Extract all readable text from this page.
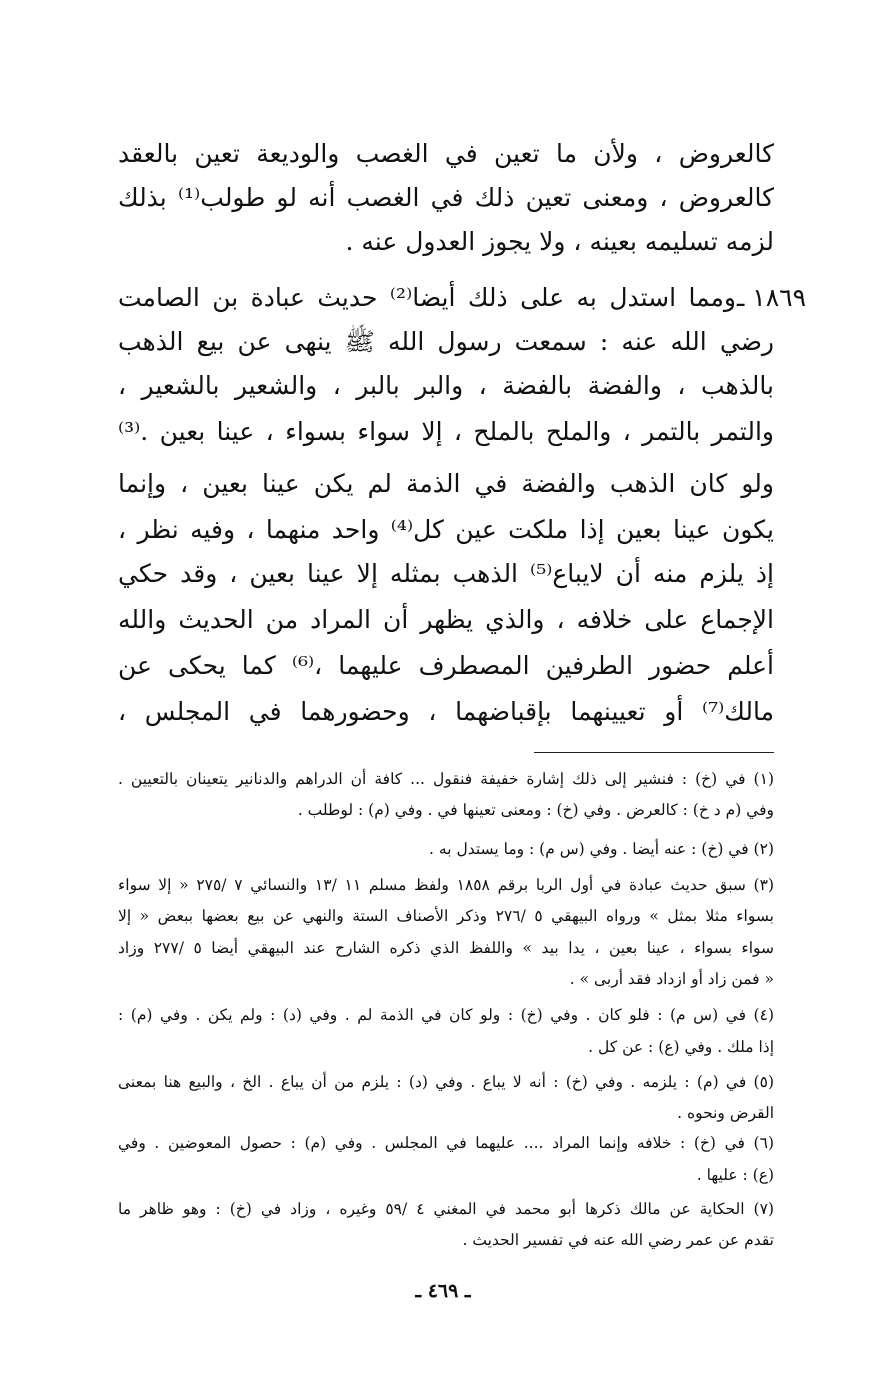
كالعروض ، ولأن ما تعين في الغصب والوديعة تعين بالعقد
كالعروض ، ومعنى تعين ذلك في الغصب أنه لو طولب⁽¹⁾ بذلك
لزمه تسليمه بعينه ، ولا يجوز العدول عنه .
١٨٦٩ ـ
ومما استدل به على ذلك أيضا⁽²⁾ حديث عبادة بن الصامت
رضي الله عنه : سمعت رسول الله ﷺ ينهى عن بيع الذهب
بالذهب ، والفضة بالفضة ، والبر بالبر ، والشعير بالشعير ،
والتمر بالتمر ، والملح بالملح ، إلا سواء بسواء ، عينا بعين .⁽³⁾
ولو كان الذهب والفضة في الذمة لم يكن عينا بعين ، وإنما
يكون عينا بعين إذا ملكت عين كل⁽⁴⁾ واحد منهما ، وفيه نظر ،
إذ يلزم منه أن لايباع⁽⁵⁾ الذهب بمثله إلا عينا بعين ، وقد حكي
الإجماع على خلافه ، والذي يظهر أن المراد من الحديث والله
أعلم حضور الطرفين المصطرف عليهما ،⁽⁶⁾ كما يحكى عن
مالك⁽⁷⁾ أو تعيينهما بإقباضهما ، وحضورهما في المجلس ،
(١) في (خ) : فنشير إلى ذلك إشارة خفيفة فنقول ... كافة أن الدراهم والدنانير يتعينان بالتعيين .
وفي (م د خ) : كالعرض . وفي (خ) : ومعنى تعينها في . وفي (م) : لوطلب .
(٢) في (خ) : عنه أيضا . وفي (س م) : وما يستدل به .
(٣) سبق حديث عبادة في أول الربا برقم ١٨٥٨ ولفظ مسلم ١١ /١٣ والنسائي ٧ /٢٧٥ « إلا سواء
بسواء مثلا بمثل » ورواه البيهقي ٥ /٢٧٦ وذكر الأصناف الستة والنهي عن بيع بعضها ببعض « إلا
سواء بسواء ، عينا بعين ، يدا بيد » واللفظ الذي ذكره الشارح عند البيهقي أيضا ٥ /٢٧٧ وزاد
« فمن زاد أو ازداد فقد أربى » .
(٤) في (س م) : فلو كان . وفي (خ) : ولو كان في الذمة لم . وفي (د) : ولم يكن . وفي (م) :
إذا ملك . وفي (ع) : عن كل .
(٥) في (م) : يلزمه . وفي (خ) : أنه لا يباع . وفي (د) : يلزم من أن يباع . الخ ، والبيع هنا بمعنى
القرض ونحوه .
(٦) في (خ) : خلافه وإنما المراد .... عليهما في المجلس . وفي (م) : حصول المعوضين . وفي
(ع) : عليها .
(٧) الحكاية عن مالك ذكرها أبو محمد في المغني ٤ /٥٩ وغيره ، وزاد في (خ) : وهو ظاهر ما
تقدم عن عمر رضي الله عنه في تفسير الحديث .
ـ ٤٦٩ ـ
